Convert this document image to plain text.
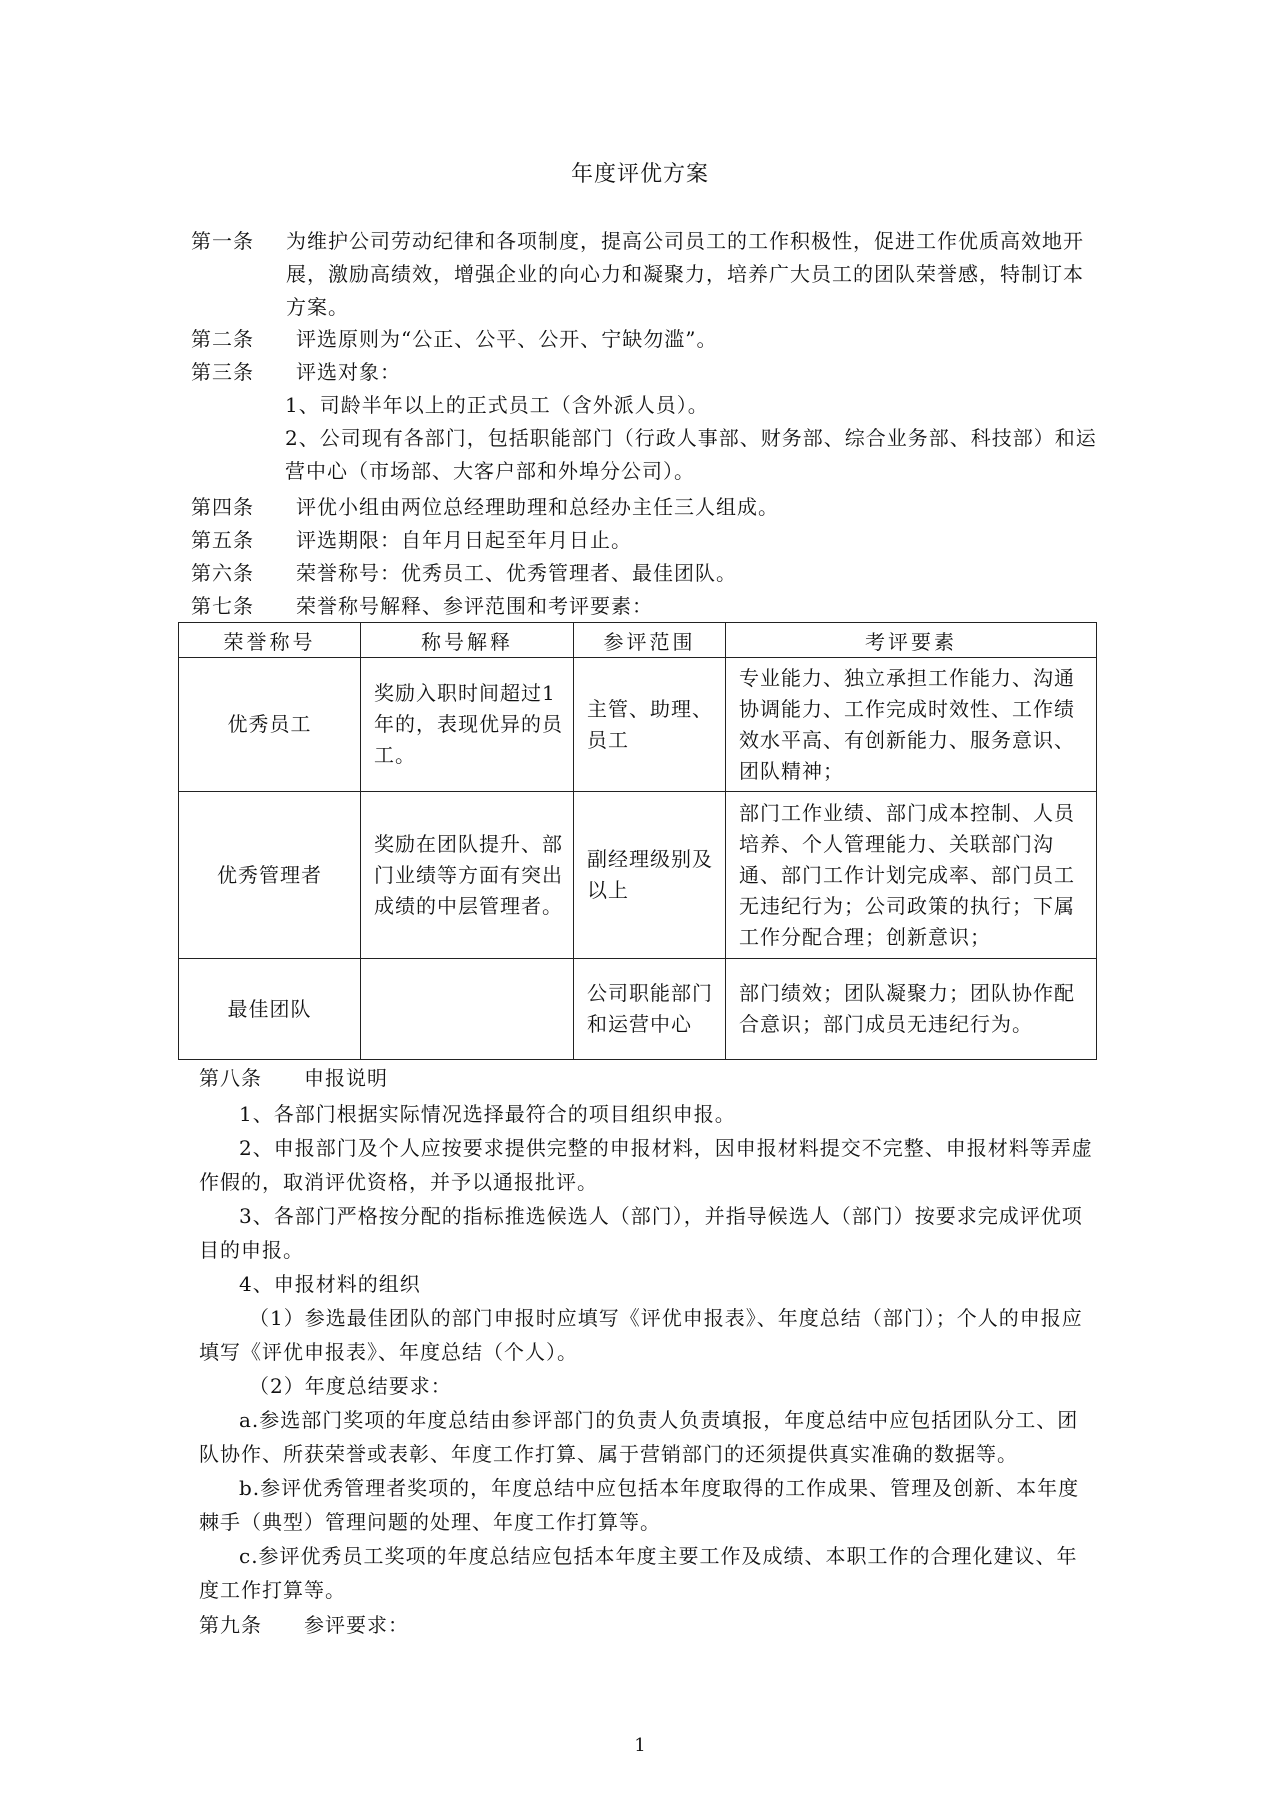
年度评优方案
第一条	为维护公司劳动纪律和各项制度，提高公司员工的工作积极性，促进工作优质高效地开展，激励高绩效，增强企业的向心力和凝聚力，培养广大员工的团队荣誉感，特制订本方案。
第二条 评选原则为“公正、公平、公开、宁缺勿滥”。
第三条 评选对象：
1、司龄半年以上的正式员工（含外派人员）。
2、公司现有各部门，包括职能部门（行政人事部、财务部、综合业务部、科技部）和运营中心（市场部、大客户部和外埠分公司）。
第四条 评优小组由两位总经理助理和总经办主任三人组成。
第五条 评选期限：自年月日起至年月日止。
第六条 荣誉称号：优秀员工、优秀管理者、最佳团队。
第七条 荣誉称号解释、参评范围和考评要素：
荣誉称号	称号解释	参评范围	考评要素
优秀员工	奖励入职时间超过1年的，表现优异的员工。	主管、助理、员工	专业能力、独立承担工作能力、沟通协调能力、工作完成时效性、工作绩效水平高、有创新能力、服务意识、团队精神；
优秀管理者	奖励在团队提升、部门业绩等方面有突出成绩的中层管理者。	副经理级别及以上	部门工作业绩、部门成本控制、人员培养、个人管理能力、关联部门沟通、部门工作计划完成率、部门员工无违纪行为；公司政策的执行；下属工作分配合理；创新意识；
最佳团队		公司职能部门和运营中心	部门绩效；团队凝聚力；团队协作配合意识；部门成员无违纪行为。
第八条 申报说明
1、各部门根据实际情况选择最符合的项目组织申报。
2、申报部门及个人应按要求提供完整的申报材料，因申报材料提交不完整、申报材料等弄虚作假的，取消评优资格，并予以通报批评。
3、各部门严格按分配的指标推选候选人（部门），并指导候选人（部门）按要求完成评优项目的申报。
4、申报材料的组织
（1）参选最佳团队的部门申报时应填写《评优申报表》、年度总结（部门）；个人的申报应填写《评优申报表》、年度总结（个人）。
（2）年度总结要求：
a.参选部门奖项的年度总结由参评部门的负责人负责填报，年度总结中应包括团队分工、团队协作、所获荣誉或表彰、年度工作打算、属于营销部门的还须提供真实准确的数据等。
b.参评优秀管理者奖项的，年度总结中应包括本年度取得的工作成果、管理及创新、本年度棘手（典型）管理问题的处理、年度工作打算等。
c.参评优秀员工奖项的年度总结应包括本年度主要工作及成绩、本职工作的合理化建议、年度工作打算等。
第九条 参评要求：
1
